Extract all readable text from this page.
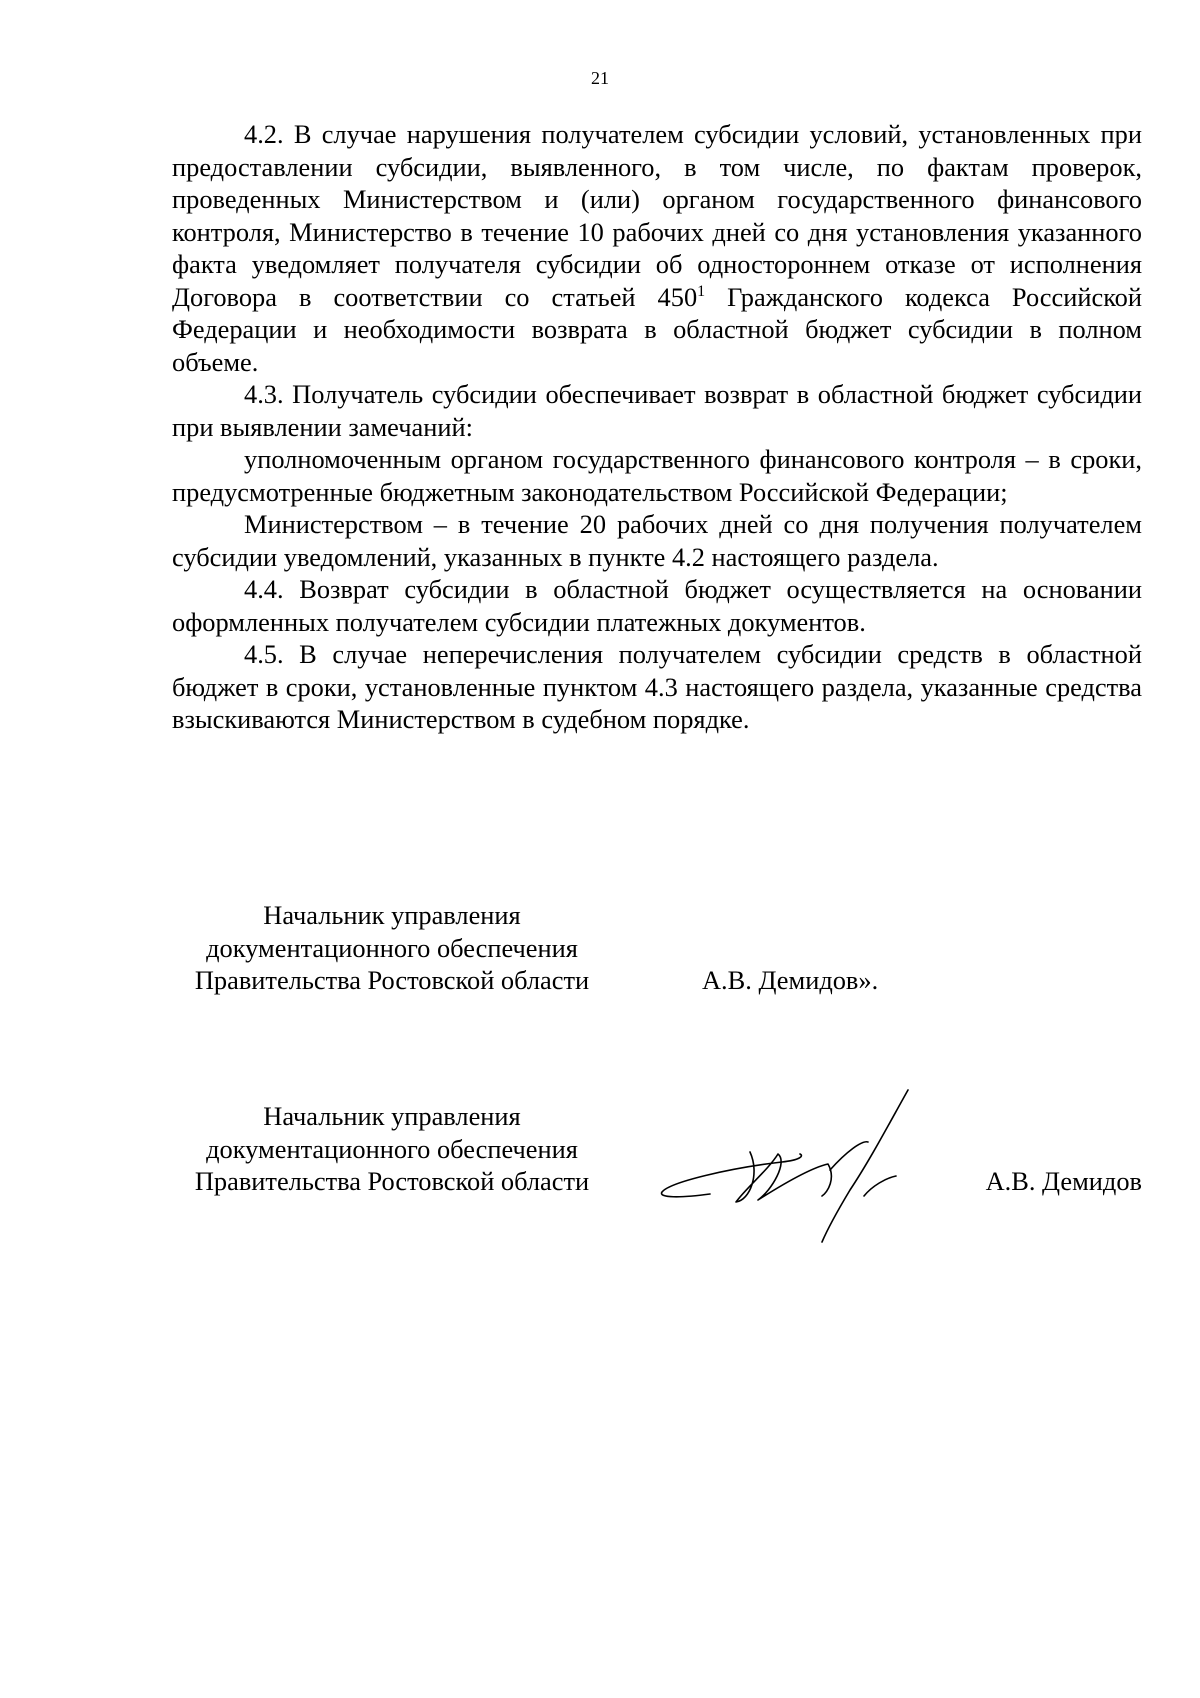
21

4.2. В случае нарушения получателем субсидии условий, установленных при предоставлении субсидии, выявленного, в том числе, по фактам проверок, проведенных Министерством и (или) органом государственного финансового контроля, Министерство в течение 10 рабочих дней со дня установления указанного факта уведомляет получателя субсидии об одностороннем отказе от исполнения Договора в соответствии со статьей $450^1$ Гражданского кодекса Российской Федерации и необходимости возврата в областной бюджет субсидии в полном объеме.

4.3. Получатель субсидии обеспечивает возврат в областной бюджет субсидии при выявлении замечаний:

уполномоченным органом государственного финансового контроля – в сроки, предусмотренные бюджетным законодательством Российской Федерации;

Министерством – в течение 20 рабочих дней со дня получения получателем субсидии уведомлений, указанных в пункте 4.2 настоящего раздела.

4.4. Возврат субсидии в областной бюджет осуществляется на основании оформленных получателем субсидии платежных документов.

4.5. В случае неперечисления получателем субсидии средств в областной бюджет в сроки, установленные пунктом 4.3 настоящего раздела, указанные средства взыскиваются Министерством в судебном порядке.

Начальник управления
документационного обеспечения
Правительства Ростовской области	А.В. Демидов».
Начальник управления
документационного обеспечения
Правительства Ростовской области	А.В. Демидов
